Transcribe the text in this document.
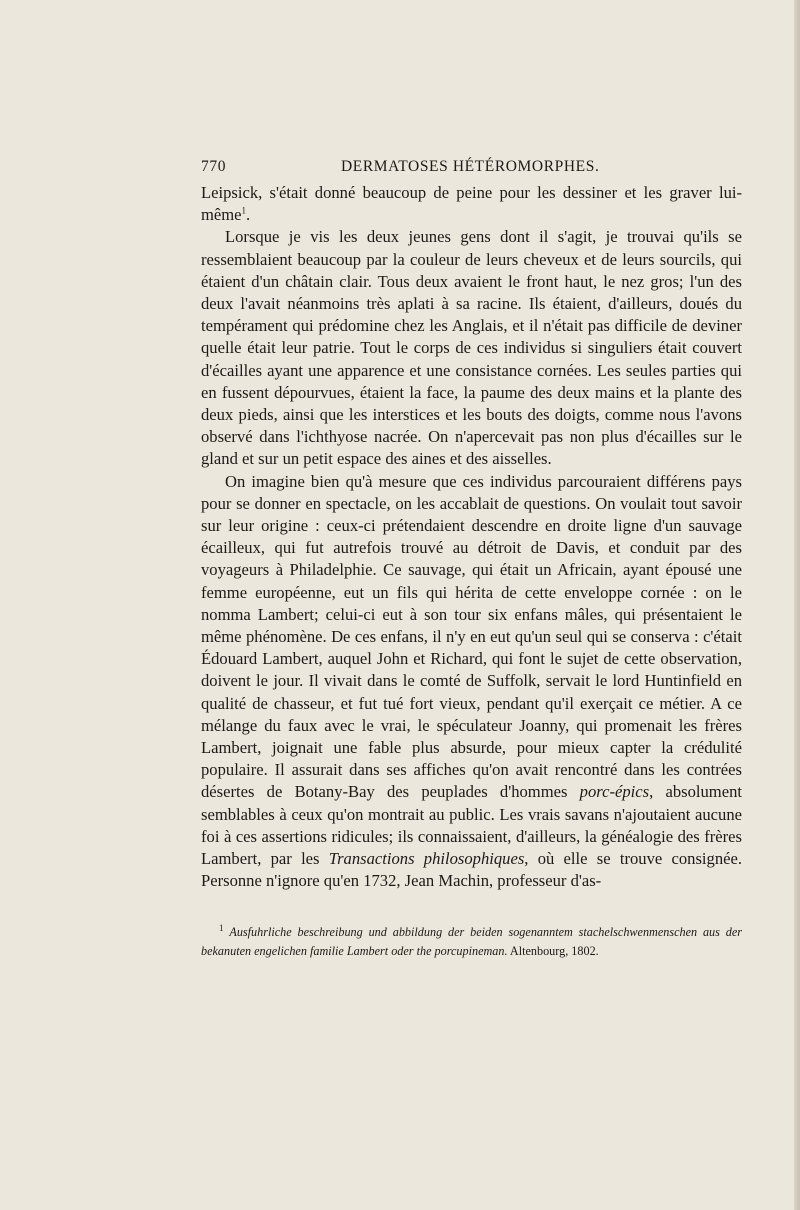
770	DERMATOSES HÉTÉROMORPHES.

Leipsick, s'était donné beaucoup de peine pour les dessiner et les graver lui-même$^1$.

Lorsque je vis les deux jeunes gens dont il s'agit, je trouvai qu'ils se ressemblaient beaucoup par la couleur de leurs cheveux et de leurs sourcils, qui étaient d'un châtain clair. Tous deux avaient le front haut, le nez gros; l'un des deux l'avait néanmoins très aplati à sa racine. Ils étaient, d'ailleurs, doués du tempérament qui prédomine chez les Anglais, et il n'était pas difficile de deviner quelle était leur patrie. Tout le corps de ces individus si singuliers était couvert d'écailles ayant une apparence et une consistance cornées. Les seules parties qui en fussent dépourvues, étaient la face, la paume des deux mains et la plante des deux pieds, ainsi que les interstices et les bouts des doigts, comme nous l'avons observé dans l'ichthyose nacrée. On n'apercevait pas non plus d'écailles sur le gland et sur un petit espace des aines et des aisselles.

On imagine bien qu'à mesure que ces individus parcouraient différens pays pour se donner en spectacle, on les accablait de questions. On voulait tout savoir sur leur origine : ceux-ci prétendaient descendre en droite ligne d'un sauvage écailleux, qui fut autrefois trouvé au détroit de Davis, et conduit par des voyageurs à Philadelphie. Ce sauvage, qui était un Africain, ayant épousé une femme européenne, eut un fils qui hérita de cette enveloppe cornée : on le nomma Lambert; celui-ci eut à son tour six enfans mâles, qui présentaient le même phénomène. De ces enfans, il n'y en eut qu'un seul qui se conserva : c'était Édouard Lambert, auquel John et Richard, qui font le sujet de cette observation, doivent le jour. Il vivait dans le comté de Suffolk, servait le lord Huntinfield en qualité de chasseur, et fut tué fort vieux, pendant qu'il exerçait ce métier. A ce mélange du faux avec le vrai, le spéculateur Joanny, qui promenait les frères Lambert, joignait une fable plus absurde, pour mieux capter la crédulité populaire. Il assurait dans ses affiches qu'on avait rencontré dans les contrées désertes de Botany-Bay des peuplades d'hommes porc-épics, absolument semblables à ceux qu'on montrait au public. Les vrais savans n'ajoutaient aucune foi à ces assertions ridicules; ils connaissaient, d'ailleurs, la généalogie des frères Lambert, par les Transactions philosophiques, où elle se trouve consignée. Personne n'ignore qu'en 1732, Jean Machin, professeur d'as-

$^1$ Ausfuhrliche beschreibung und abbildung der beiden sogenanntem stachelschwenmenschen aus der bekanuten engelichen familie Lambert oder the porcupineman. Altenbourg, 1802.
